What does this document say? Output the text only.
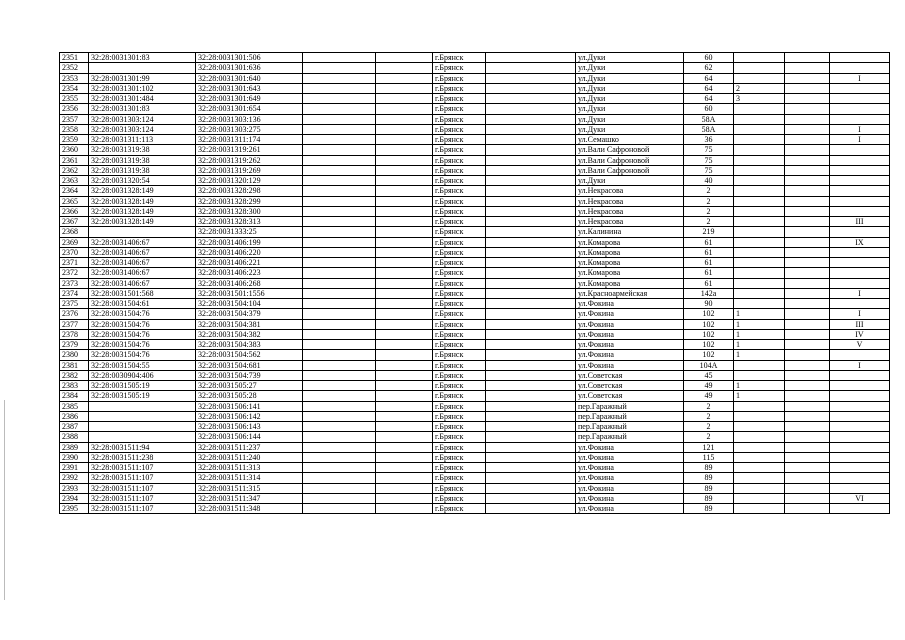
2351	32:28:0031301:83	32:28:0031301:506			г.Брянск		ул.Дуки	60			
2352		32:28:0031301:636			г.Брянск		ул.Дуки	62			
2353	32:28:0031301:99	32:28:0031301:640			г.Брянск		ул.Дуки	64			I
2354	32:28:0031301:102	32:28:0031301:643			г.Брянск		ул.Дуки	64	2		
2355	32:28:0031301:484	32:28:0031301:649			г.Брянск		ул.Дуки	64	3		
2356	32:28:0031301:83	32:28:0031301:654			г.Брянск		ул.Дуки	60			
2357	32:28:0031303:124	32:28:0031303:136			г.Брянск		ул.Дуки	58А			
2358	32:28:0031303:124	32:28:0031303:275			г.Брянск		ул.Дуки	58А			I
2359	32:28:0031311:113	32:28:0031311:174			г.Брянск		ул.Семашко	36			I
2360	32:28:0031319:38	32:28:0031319:261			г.Брянск		ул.Вали Сафроновой	75			
2361	32:28:0031319:38	32:28:0031319:262			г.Брянск		ул.Вали Сафроновой	75			
2362	32:28:0031319:38	32:28:0031319:269			г.Брянск		ул.Вали Сафроновой	75			
2363	32:28:0031320:54	32:28:0031320:129			г.Брянск		ул.Дуки	40			
2364	32:28:0031328:149	32:28:0031328:298			г.Брянск		ул.Некрасова	2			
2365	32:28:0031328:149	32:28:0031328:299			г.Брянск		ул.Некрасова	2			
2366	32:28:0031328:149	32:28:0031328:300			г.Брянск		ул.Некрасова	2			
2367	32:28:0031328:149	32:28:0031328:313			г.Брянск		ул.Некрасова	2			III
2368		32:28:0031333:25			г.Брянск		ул.Калинина	219			
2369	32:28:0031406:67	32:28:0031406:199			г.Брянск		ул.Комарова	61			IX
2370	32:28:0031406:67	32:28:0031406:220			г.Брянск		ул.Комарова	61			
2371	32:28:0031406:67	32:28:0031406:221			г.Брянск		ул.Комарова	61			
2372	32:28:0031406:67	32:28:0031406:223			г.Брянск		ул.Комарова	61			
2373	32:28:0031406:67	32:28:0031406:268			г.Брянск		ул.Комарова	61			
2374	32:28:0031501:568	32:28:0031501:1556			г.Брянск		ул.Красноармейская	142а			I
2375	32:28:0031504:61	32:28:0031504:104			г.Брянск		ул.Фокина	90			
2376	32:28:0031504:76	32:28:0031504:379			г.Брянск		ул.Фокина	102	1		I
2377	32:28:0031504:76	32:28:0031504:381			г.Брянск		ул.Фокина	102	1		III
2378	32:28:0031504:76	32:28:0031504:382			г.Брянск		ул.Фокина	102	1		IV
2379	32:28:0031504:76	32:28:0031504:383			г.Брянск		ул.Фокина	102	1		V
2380	32:28:0031504:76	32:28:0031504:562			г.Брянск		ул.Фокина	102	1		
2381	32:28:0031504:55	32:28:0031504:681			г.Брянск		ул.Фокина	104А			I
2382	32:28:0030904:406	32:28:0031504:739			г.Брянск		ул.Советская	45			
2383	32:28:0031505:19	32:28:0031505:27			г.Брянск		ул.Советская	49	1		
2384	32:28:0031505:19	32:28:0031505:28			г.Брянск		ул.Советская	49	1		
2385		32:28:0031506:141			г.Брянск		пер.Гаражный	2			
2386		32:28:0031506:142			г.Брянск		пер.Гаражный	2			
2387		32:28:0031506:143			г.Брянск		пер.Гаражный	2			
2388		32:28:0031506:144			г.Брянск		пер.Гаражный	2			
2389	32:28:0031511:94	32:28:0031511:237			г.Брянск		ул.Фокина	121			
2390	32:28:0031511:238	32:28:0031511:240			г.Брянск		ул.Фокина	115			
2391	32:28:0031511:107	32:28:0031511:313			г.Брянск		ул.Фокина	89			
2392	32:28:0031511:107	32:28:0031511:314			г.Брянск		ул.Фокина	89			
2393	32:28:0031511:107	32:28:0031511:315			г.Брянск		ул.Фокина	89			
2394	32:28:0031511:107	32:28:0031511:347			г.Брянск		ул.Фокина	89			VI
2395	32:28:0031511:107	32:28:0031511:348			г.Брянск		ул.Фокина	89			
